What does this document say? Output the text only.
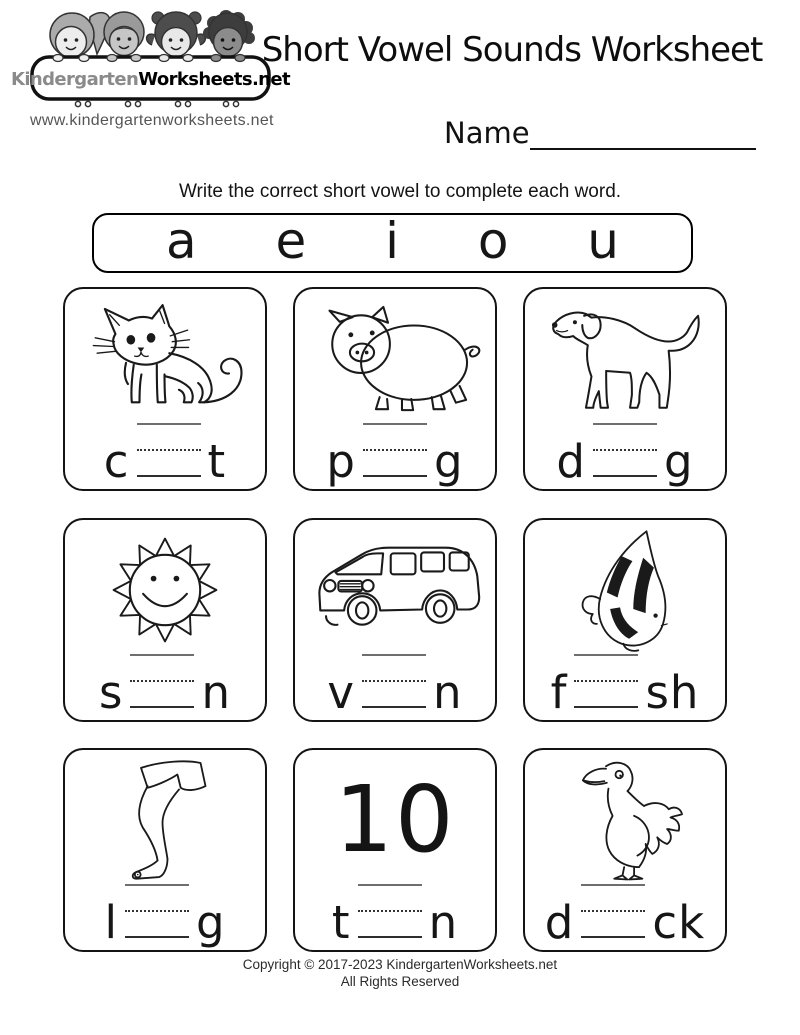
Kindergarten Worksheets.net
www.kindergartenworksheets.net
Short Vowel Sounds Worksheet
Name
Write the correct short vowel to complete each word.
a e i o u
c t p g d g
s n v n f sh
l g
10
t n d ck
Copyright © 2017-2023 KindergartenWorksheets.net
All Rights Reserved
